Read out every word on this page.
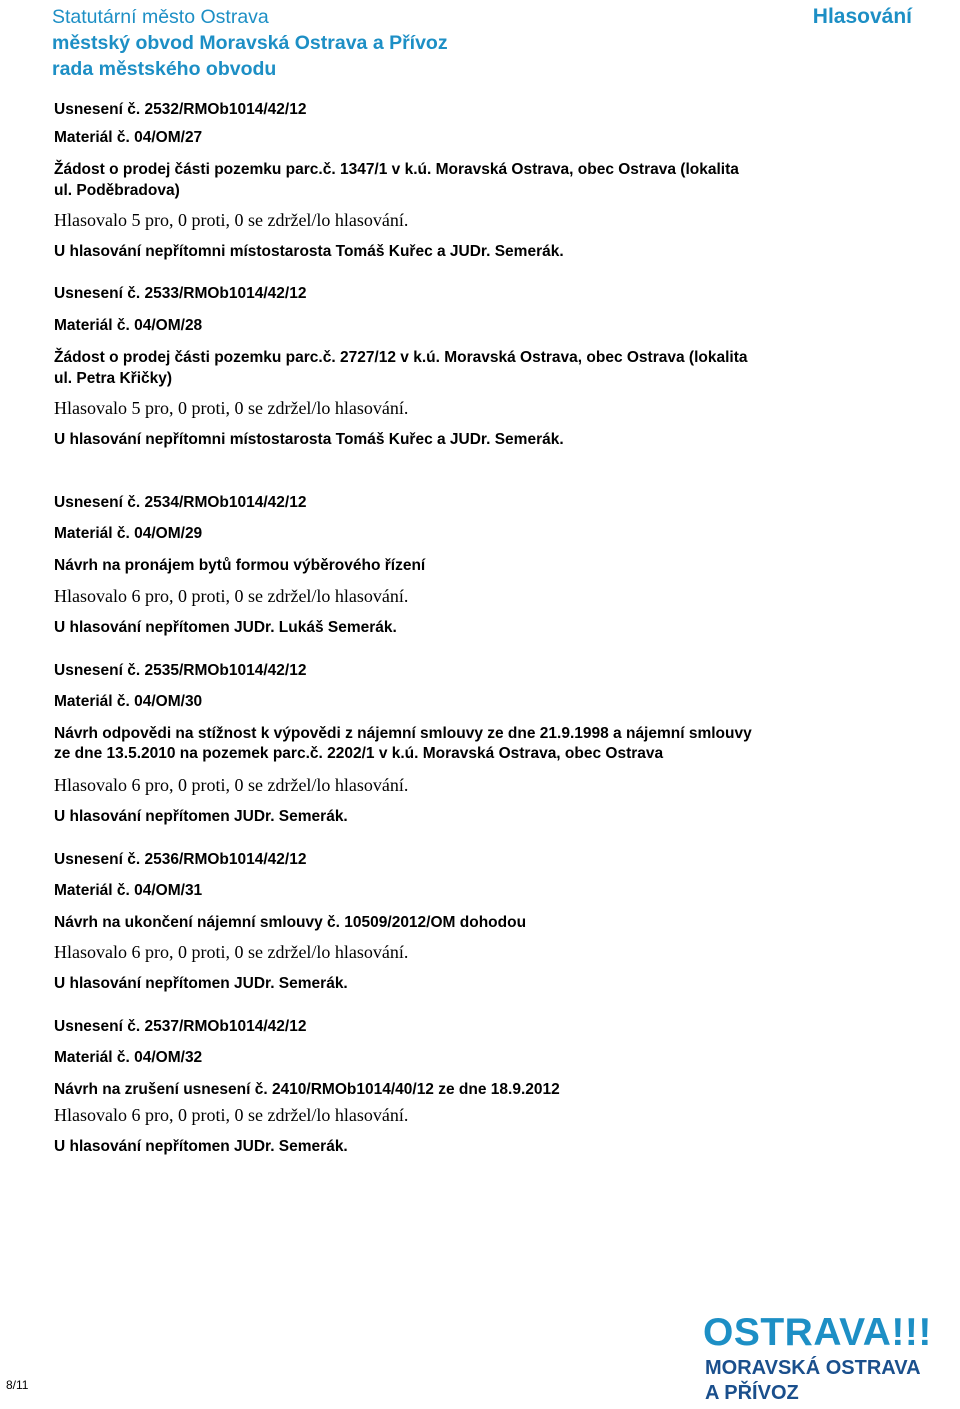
Statutární město Ostrava
městský obvod Moravská Ostrava a Přívoz
rada městského obvodu
Hlasování
Usnesení č. 2532/RMOb1014/42/12
Materiál č. 04/OM/27
Žádost o prodej části pozemku parc.č. 1347/1 v k.ú. Moravská Ostrava, obec Ostrava (lokalita
ul. Poděbradova)
Hlasovalo 5 pro, 0 proti, 0 se zdržel/lo hlasování.
U hlasování nepřítomni místostarosta Tomáš Kuřec a JUDr. Semerák.
Usnesení č. 2533/RMOb1014/42/12
Materiál č. 04/OM/28
Žádost o prodej části pozemku parc.č. 2727/12 v k.ú. Moravská Ostrava, obec Ostrava (lokalita
ul. Petra Křičky)
Hlasovalo 5 pro, 0 proti, 0 se zdržel/lo hlasování.
U hlasování nepřítomni místostarosta Tomáš Kuřec a JUDr. Semerák.
Usnesení č. 2534/RMOb1014/42/12
Materiál č. 04/OM/29
Návrh na pronájem bytů formou výběrového řízení
Hlasovalo 6 pro, 0 proti, 0 se zdržel/lo hlasování.
U hlasování nepřítomen JUDr. Lukáš Semerák.
Usnesení č. 2535/RMOb1014/42/12
Materiál č. 04/OM/30
Návrh odpovědi na stížnost k výpovědi z nájemní smlouvy ze dne 21.9.1998 a nájemní smlouvy
ze dne 13.5.2010 na pozemek parc.č. 2202/1 v k.ú. Moravská Ostrava, obec Ostrava
Hlasovalo 6 pro, 0 proti, 0 se zdržel/lo hlasování.
U hlasování nepřítomen JUDr. Semerák.
Usnesení č. 2536/RMOb1014/42/12
Materiál č. 04/OM/31
Návrh na ukončení nájemní smlouvy č. 10509/2012/OM dohodou
Hlasovalo 6 pro, 0 proti, 0 se zdržel/lo hlasování.
U hlasování nepřítomen JUDr. Semerák.
Usnesení č. 2537/RMOb1014/42/12
Materiál č. 04/OM/32
Návrh na zrušení usnesení č. 2410/RMOb1014/40/12 ze dne 18.9.2012
Hlasovalo 6 pro, 0 proti, 0 se zdržel/lo hlasování.
U hlasování nepřítomen JUDr. Semerák.
8/11
OSTRAVA!!!
MORAVSKÁ OSTRAVA
A PŘÍVOZ
